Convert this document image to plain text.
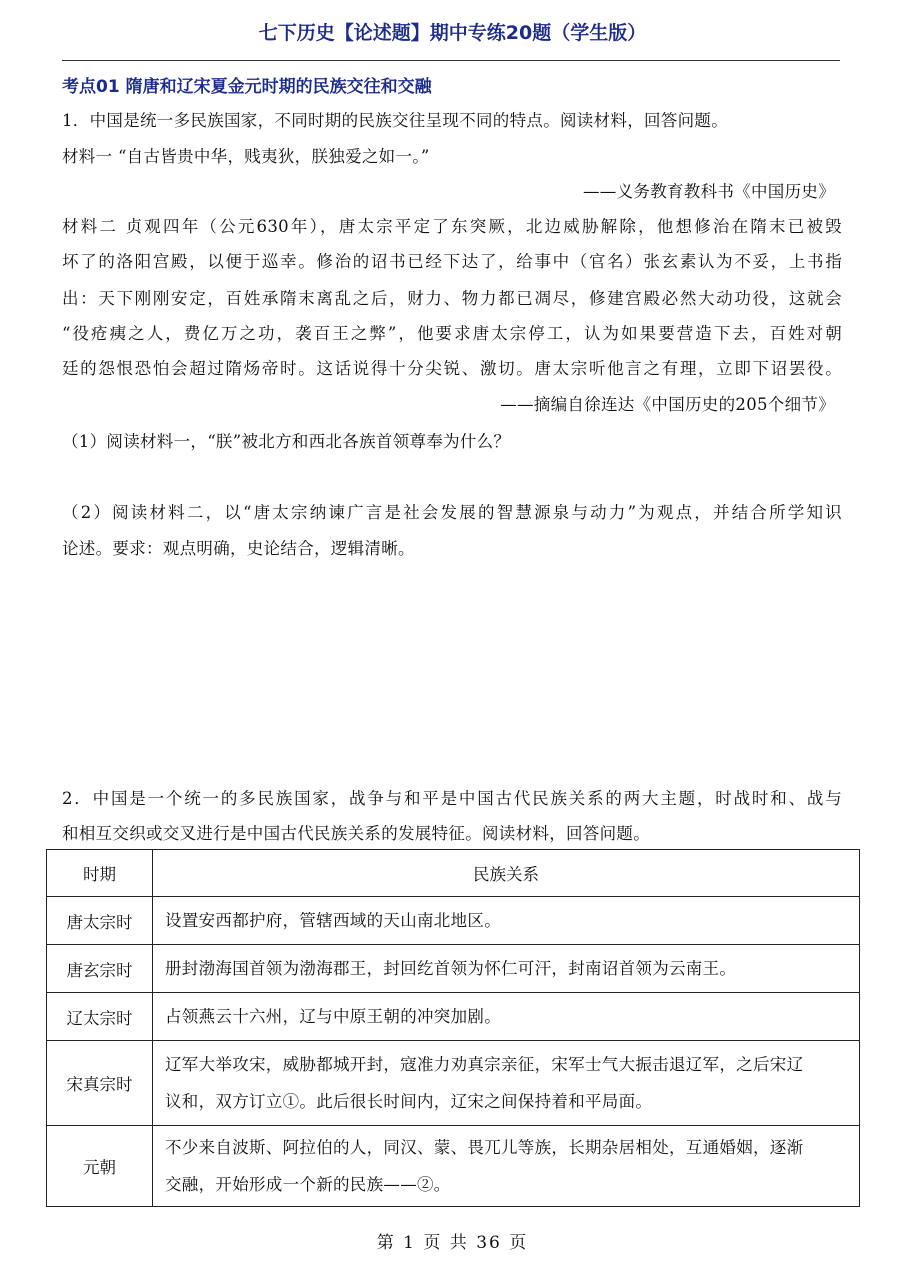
七下历史【论述题】期中专练20题（学生版）
考点01 隋唐和辽宋夏金元时期的民族交往和交融
1．中国是统一多民族国家，不同时期的民族交往呈现不同的特点。阅读材料，回答问题。
材料一 “自古皆贵中华，贱夷狄，朕独爱之如一。”
——义务教育教科书《中国历史》
材料二 贞观四年（公元630年），唐太宗平定了东突厥，北边威胁解除，他想修治在隋末已被毁
坏了的洛阳宫殿，以便于巡幸。修治的诏书已经下达了，给事中（官名）张玄素认为不妥，上书指
出：天下刚刚安定，百姓承隋末离乱之后，财力、物力都已凋尽，修建宫殿必然大动功役，这就会
“役疮痍之人，费亿万之功，袭百王之弊”，他要求唐太宗停工，认为如果要营造下去，百姓对朝
廷的怨恨恐怕会超过隋炀帝时。这话说得十分尖锐、激切。唐太宗听他言之有理，立即下诏罢役。
——摘编自徐连达《中国历史的205个细节》
（1）阅读材料一，“朕”被北方和西北各族首领尊奉为什么？
（2）阅读材料二，以“唐太宗纳谏广言是社会发展的智慧源泉与动力”为观点，并结合所学知识
论述。要求：观点明确，史论结合，逻辑清晰。
2．中国是一个统一的多民族国家，战争与和平是中国古代民族关系的两大主题，时战时和、战与
和相互交织或交叉进行是中国古代民族关系的发展特征。阅读材料，回答问题。
时期	民族关系
唐太宗时	设置安西都护府，管辖西域的天山南北地区。

唐玄宗时	册封渤海国首领为渤海郡王，封回纥首领为怀仁可汗，封南诏首领为云南王。

辽太宗时	占领燕云十六州，辽与中原王朝的冲突加剧。

宋真宗时	辽军大举攻宋，威胁都城开封，寇准力劝真宗亲征，宋军士气大振击退辽军，之后宋辽
议和，双方订立①。此后很长时间内，辽宋之间保持着和平局面。

元朝	不少来自波斯、阿拉伯的人，同汉、蒙、畏兀儿等族，长期杂居相处，互通婚姻，逐渐
交融，开始形成一个新的民族——②。
第 1 页 共 36 页
